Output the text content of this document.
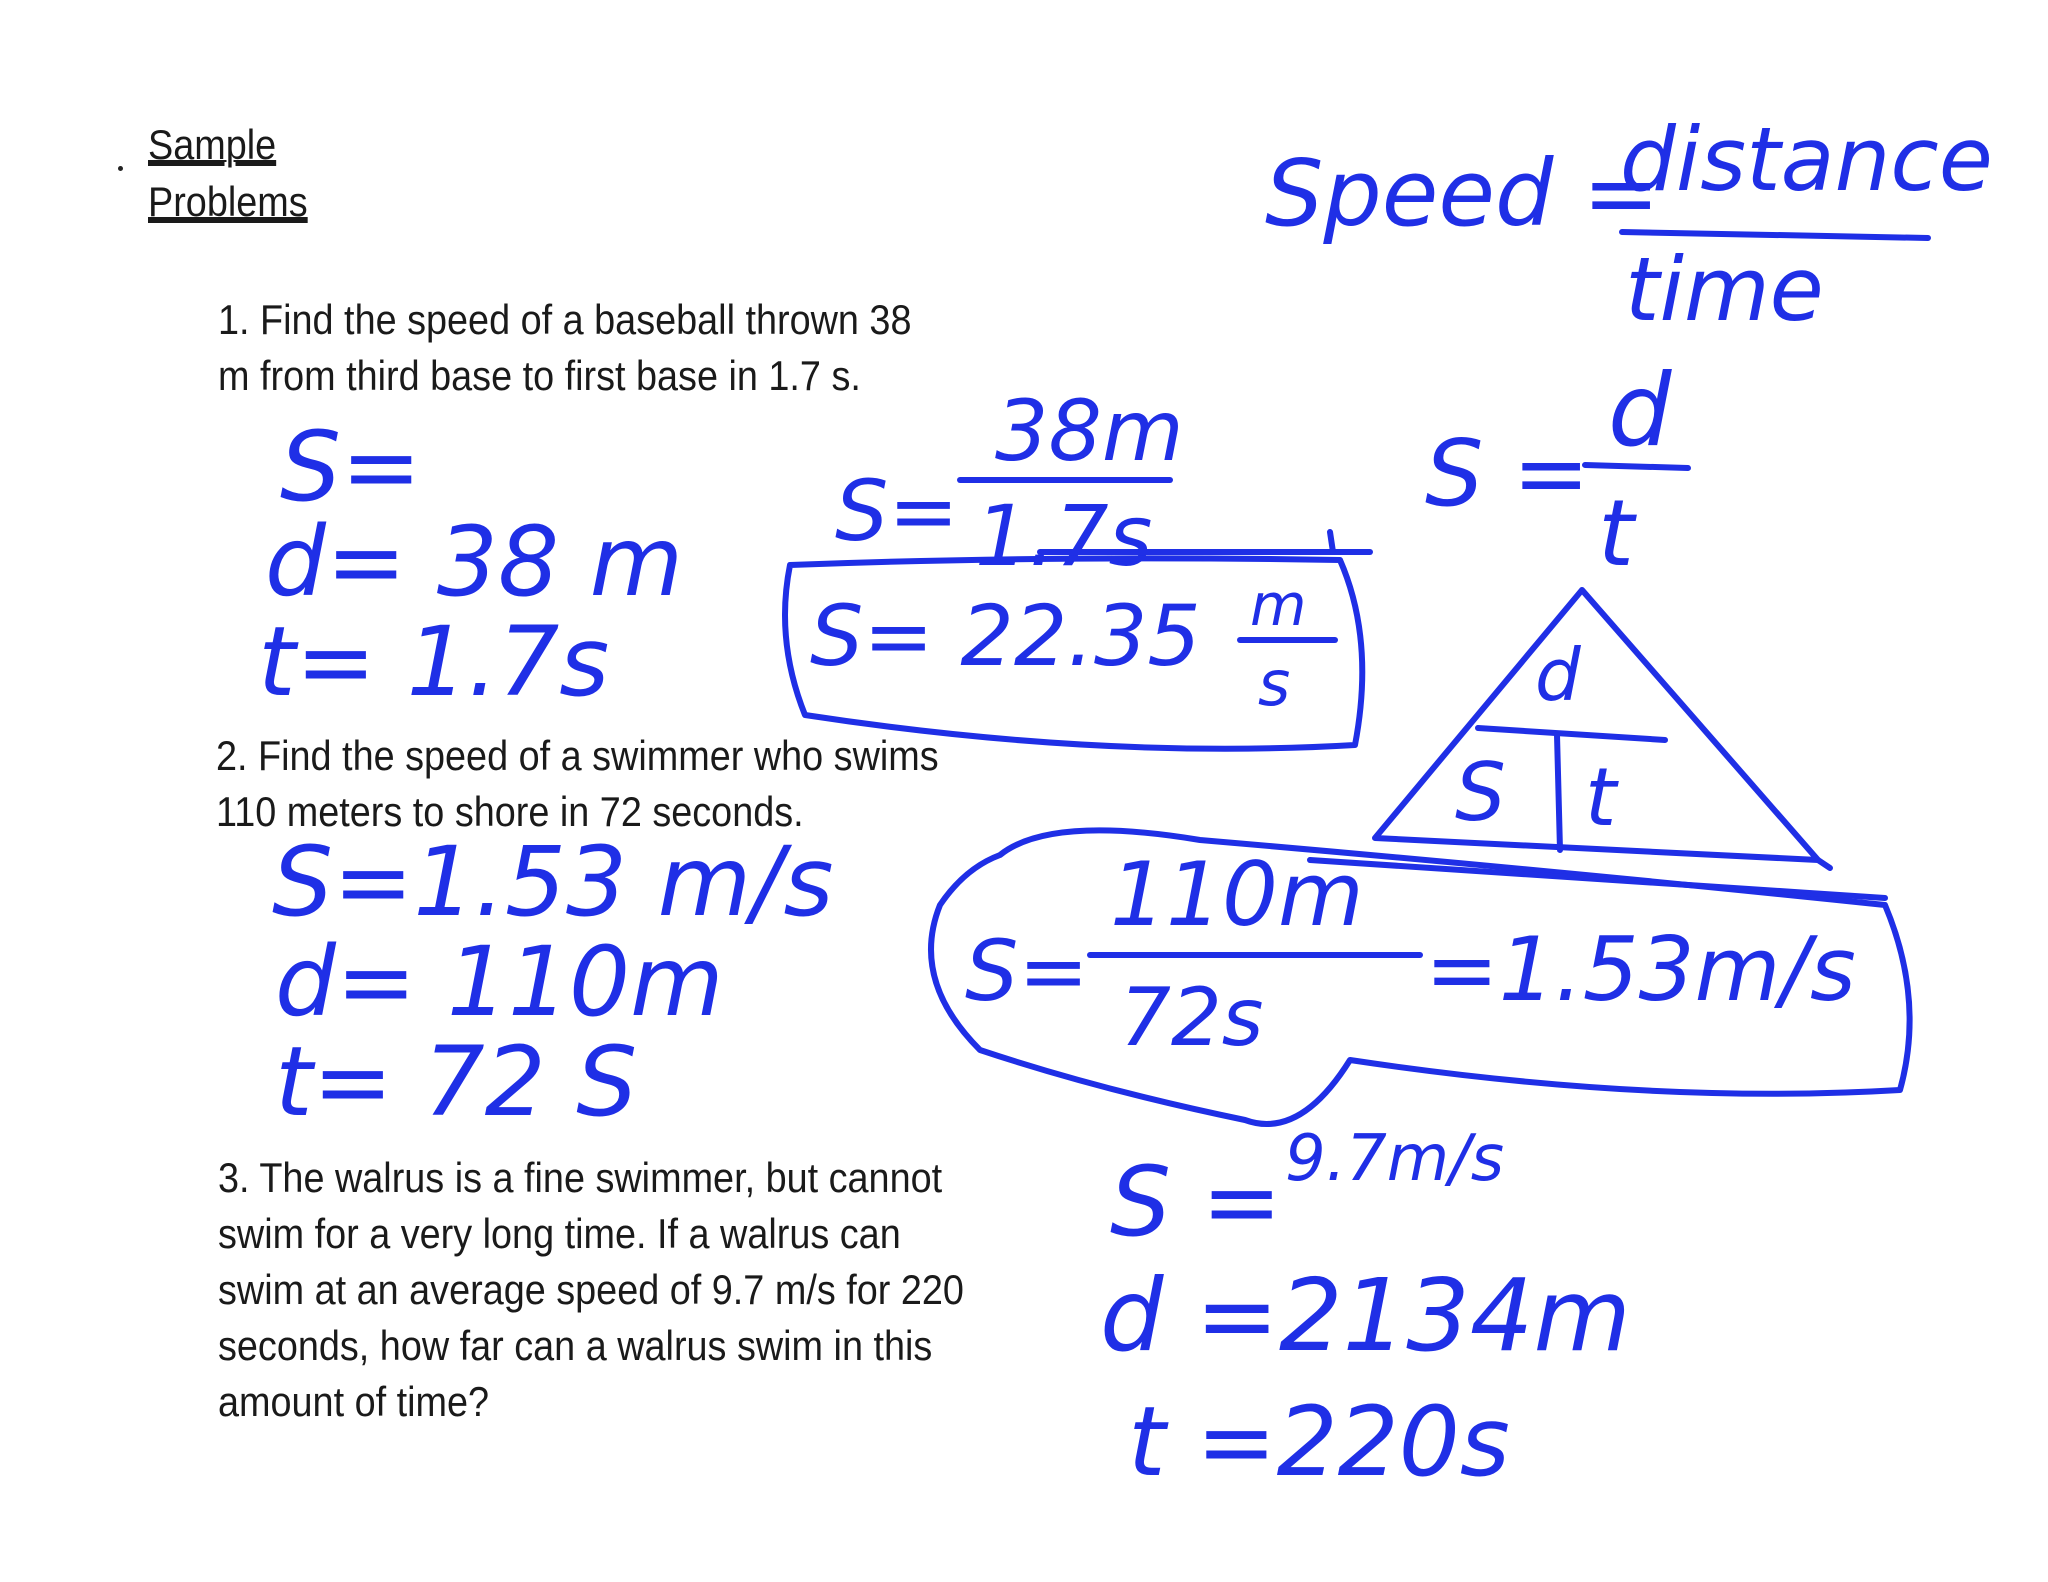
Sample
Problems
1. Find the speed of a baseball thrown 38
m from third base to first base in 1.7 s.
2. Find the speed of a swimmer who swims
110 meters to shore in 72 seconds.
3. The walrus is a fine swimmer, but cannot
swim for a very long time. If a walrus can
swim at an average speed of 9.7 m/s for 220
seconds, how far can a walrus swim in this
amount of time?
Speed =
distance
time
S =
d
t
d
S t
S=
d= 38 m
t= 1.7s
S=
38m
1.7s
S= 22.35 m
s
S=1.53 m/s
d= 110m
t= 72 S
S=
110m
72s =1.53m/s
S = 9.7m/s
d =2134m
t =220s
